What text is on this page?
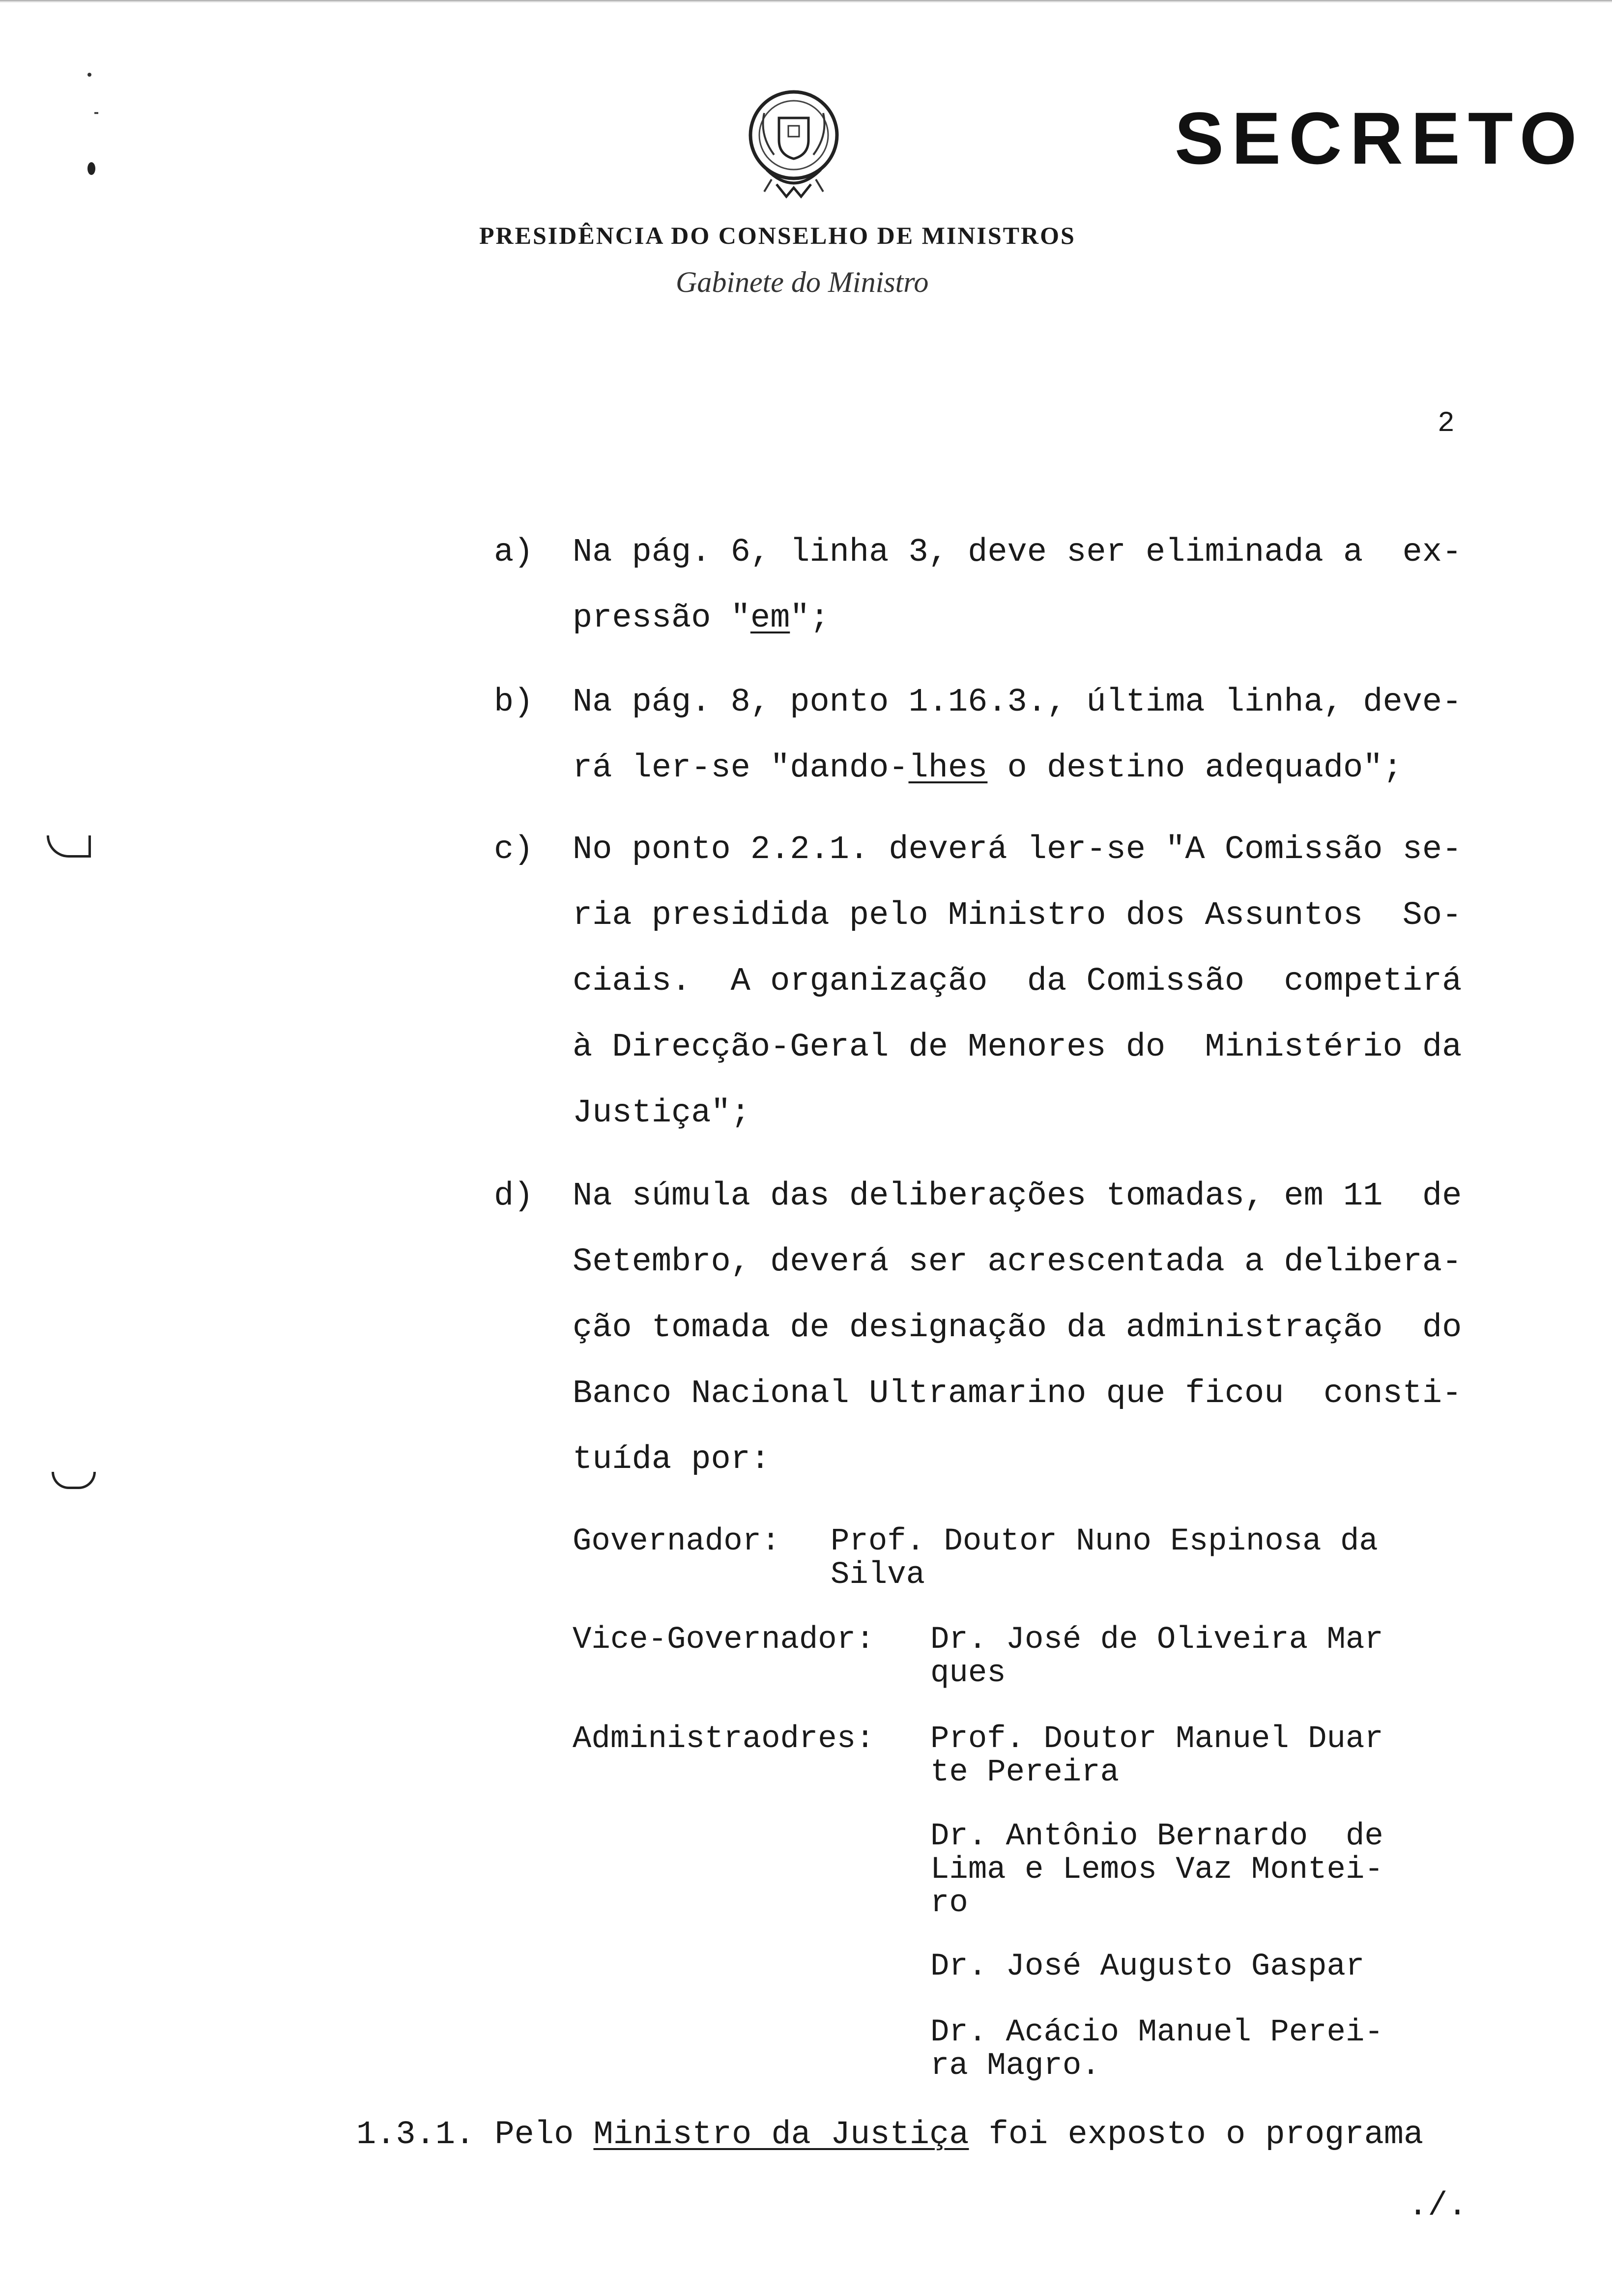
SECRETO
PRESIDÊNCIA DO CONSELHO DE MINISTROS
Gabinete do Ministro
2
a) Na pág. 6, linha 3, deve ser eliminada a  ex-
pressão "em";
b) Na pág. 8, ponto 1.16.3., última linha, deve-
rá ler-se "dando-lhes o destino adequado";
c) No ponto 2.2.1. deverá ler-se "A Comissão se-
ria presidida pelo Ministro dos Assuntos  So-
ciais.  A organização  da Comissão  competirá
à Direcção-Geral de Menores do  Ministério da
Justiça";
d) Na súmula das deliberações tomadas, em 11  de
Setembro, deverá ser acrescentada a delibera-
ção tomada de designação da administração  do
Banco Nacional Ultramarino que ficou  consti-
tuída por:
Governador: Prof. Doutor Nuno Espinosa da
Silva
Vice-Governador: Dr. José de Oliveira Mar
ques
Administraodres: Prof. Doutor Manuel Duar
te Pereira
Dr. Antônio Bernardo  de
Lima e Lemos Vaz Montei-
ro
Dr. José Augusto Gaspar
Dr. Acácio Manuel Perei-
ra Magro.
1.3.1. Pelo Ministro da Justiça foi exposto o programa
./.
